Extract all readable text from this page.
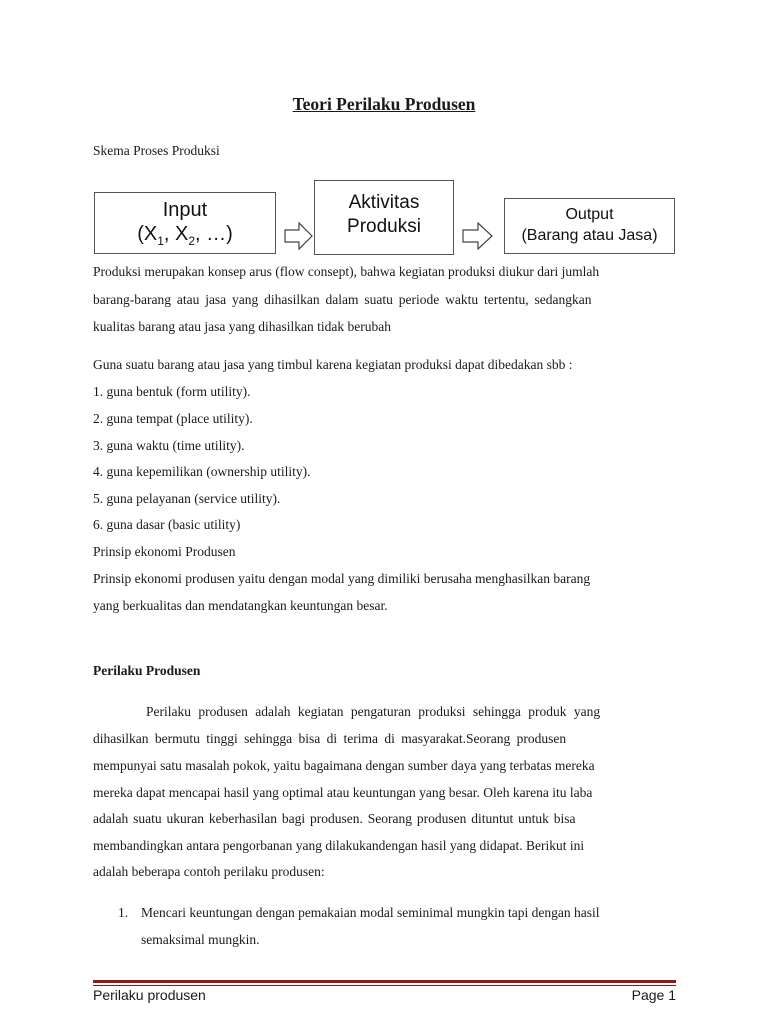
Teori Perilaku Produsen
Skema Proses Produksi
Input
($X_1$, $X_2$, …)
Aktivitas
Produksi
Output
(Barang atau Jasa)
Produksi merupakan konsep arus (flow consept), bahwa kegiatan produksi diukur dari jumlah
barang-barang atau jasa yang dihasilkan dalam suatu periode waktu tertentu, sedangkan
kualitas barang atau jasa yang dihasilkan tidak berubah
Guna suatu barang atau jasa yang timbul karena kegiatan produksi dapat dibedakan sbb :
1. guna bentuk (form utility).
2. guna tempat (place utility).
3. guna waktu (time utility).
4. guna kepemilikan (ownership utility).
5. guna pelayanan (service utility).
6. guna dasar (basic utility)
Prinsip ekonomi Produsen
Prinsip ekonomi produsen yaitu dengan modal yang dimiliki berusaha menghasilkan barang
yang berkualitas dan mendatangkan keuntungan besar.
Perilaku Produsen
Perilaku produsen adalah kegiatan pengaturan produksi sehingga produk yang
dihasilkan bermutu tinggi sehingga bisa di terima di masyarakat.Seorang produsen
mempunyai satu masalah pokok, yaitu bagaimana dengan sumber daya yang terbatas mereka
mereka dapat mencapai hasil yang optimal atau keuntungan yang besar. Oleh karena itu laba
adalah suatu ukuran keberhasilan bagi produsen. Seorang produsen dituntut untuk bisa
membandingkan antara pengorbanan yang dilakukandengan hasil yang didapat. Berikut ini
adalah beberapa contoh perilaku produsen:
1. Mencari keuntungan dengan pemakaian modal seminimal mungkin tapi dengan hasil
semaksimal mungkin.
Perilaku produsen	Page 1
